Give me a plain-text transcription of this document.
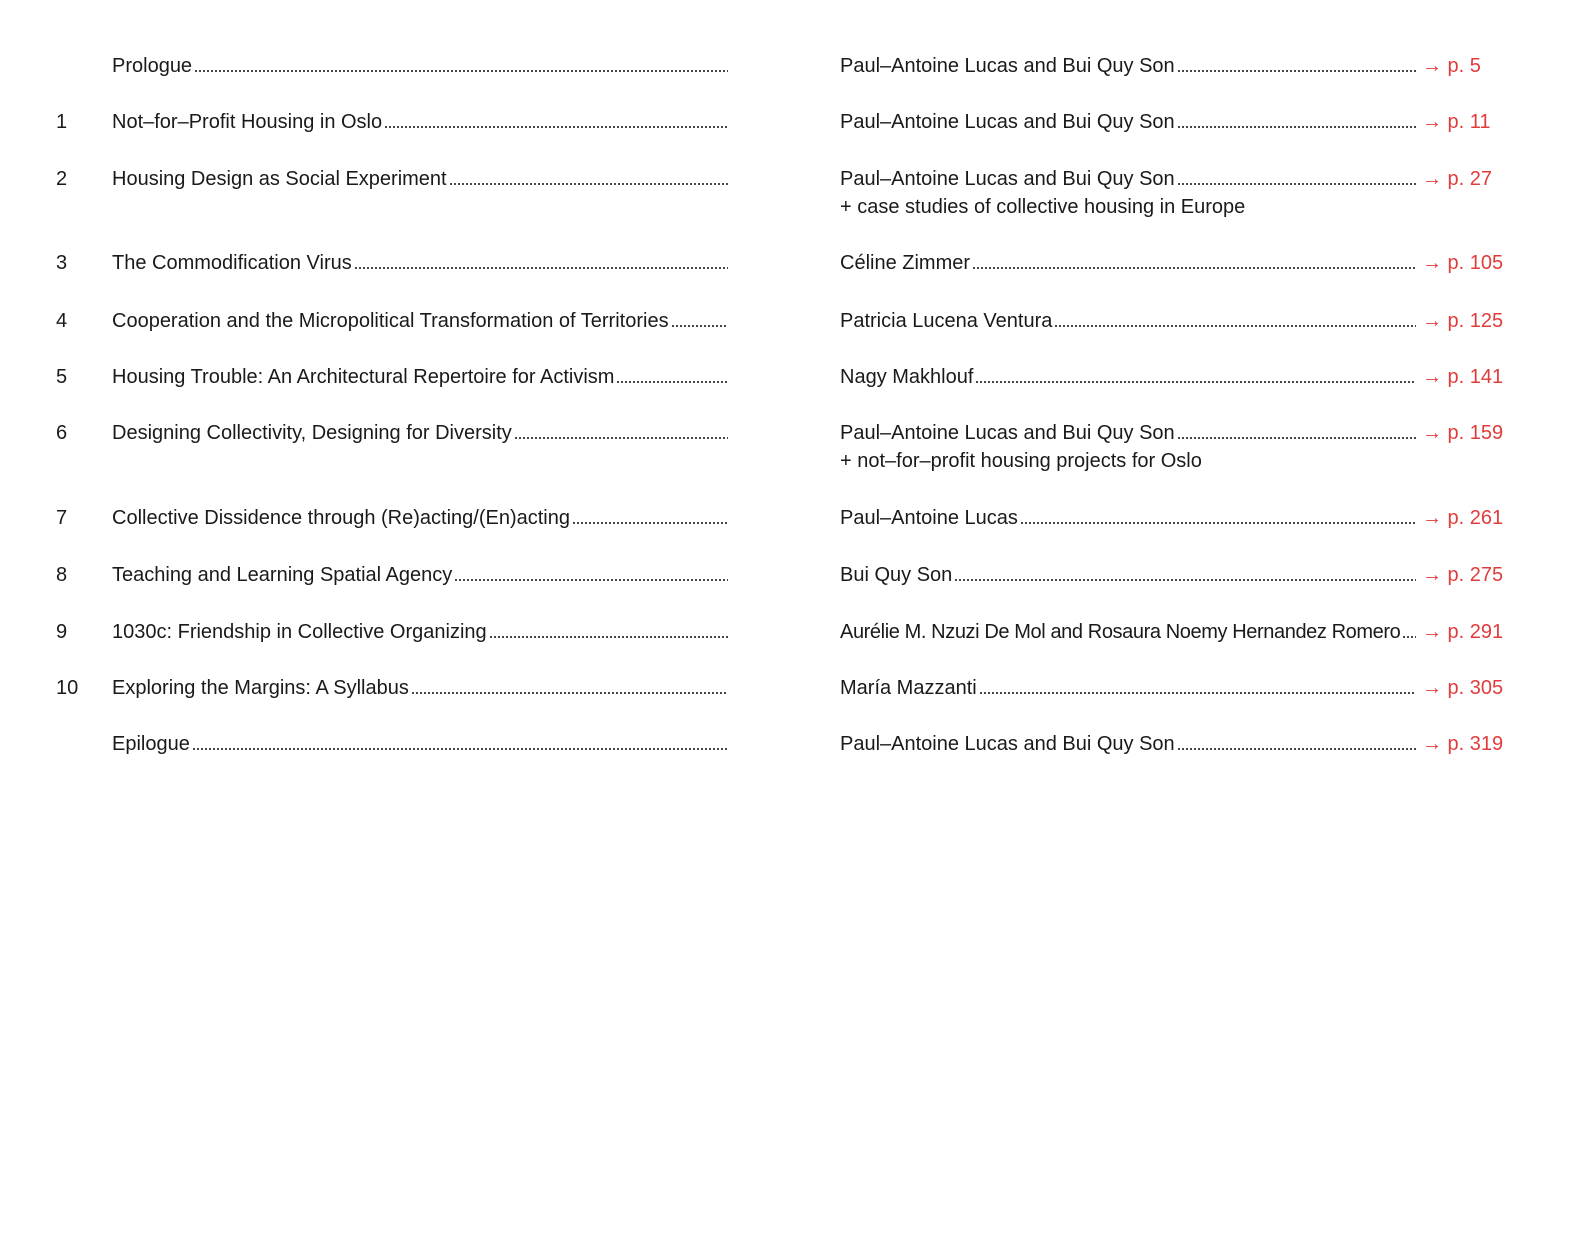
Prologue	Paul–Antoine Lucas and Bui Quy Son	→ p. 5
1 Not–for–Profit Housing in Oslo	Paul–Antoine Lucas and Bui Quy Son	→ p. 11
2 Housing Design as Social Experiment	Paul–Antoine Lucas and Bui Quy Son	→ p. 27
+ case studies of collective housing in Europe
3 The Commodification Virus	Céline Zimmer	→ p. 105
4 Cooperation and the Micropolitical Transformation of Territories	Patricia Lucena Ventura	→ p. 125
5 Housing Trouble: An Architectural Repertoire for Activism	Nagy Makhlouf	→ p. 141
6 Designing Collectivity, Designing for Diversity	Paul–Antoine Lucas and Bui Quy Son	→ p. 159
+ not–for–profit housing projects for Oslo
7 Collective Dissidence through (Re)acting/(En)acting	Paul–Antoine Lucas	→ p. 261
8 Teaching and Learning Spatial Agency	Bui Quy Son	→ p. 275
9 1030c: Friendship in Collective Organizing	Aurélie M. Nzuzi De Mol and Rosaura Noemy Hernandez Romero → p. 291
10 Exploring the Margins: A Syllabus	María Mazzanti	→ p. 305
Epilogue	Paul–Antoine Lucas and Bui Quy Son	→ p. 319
